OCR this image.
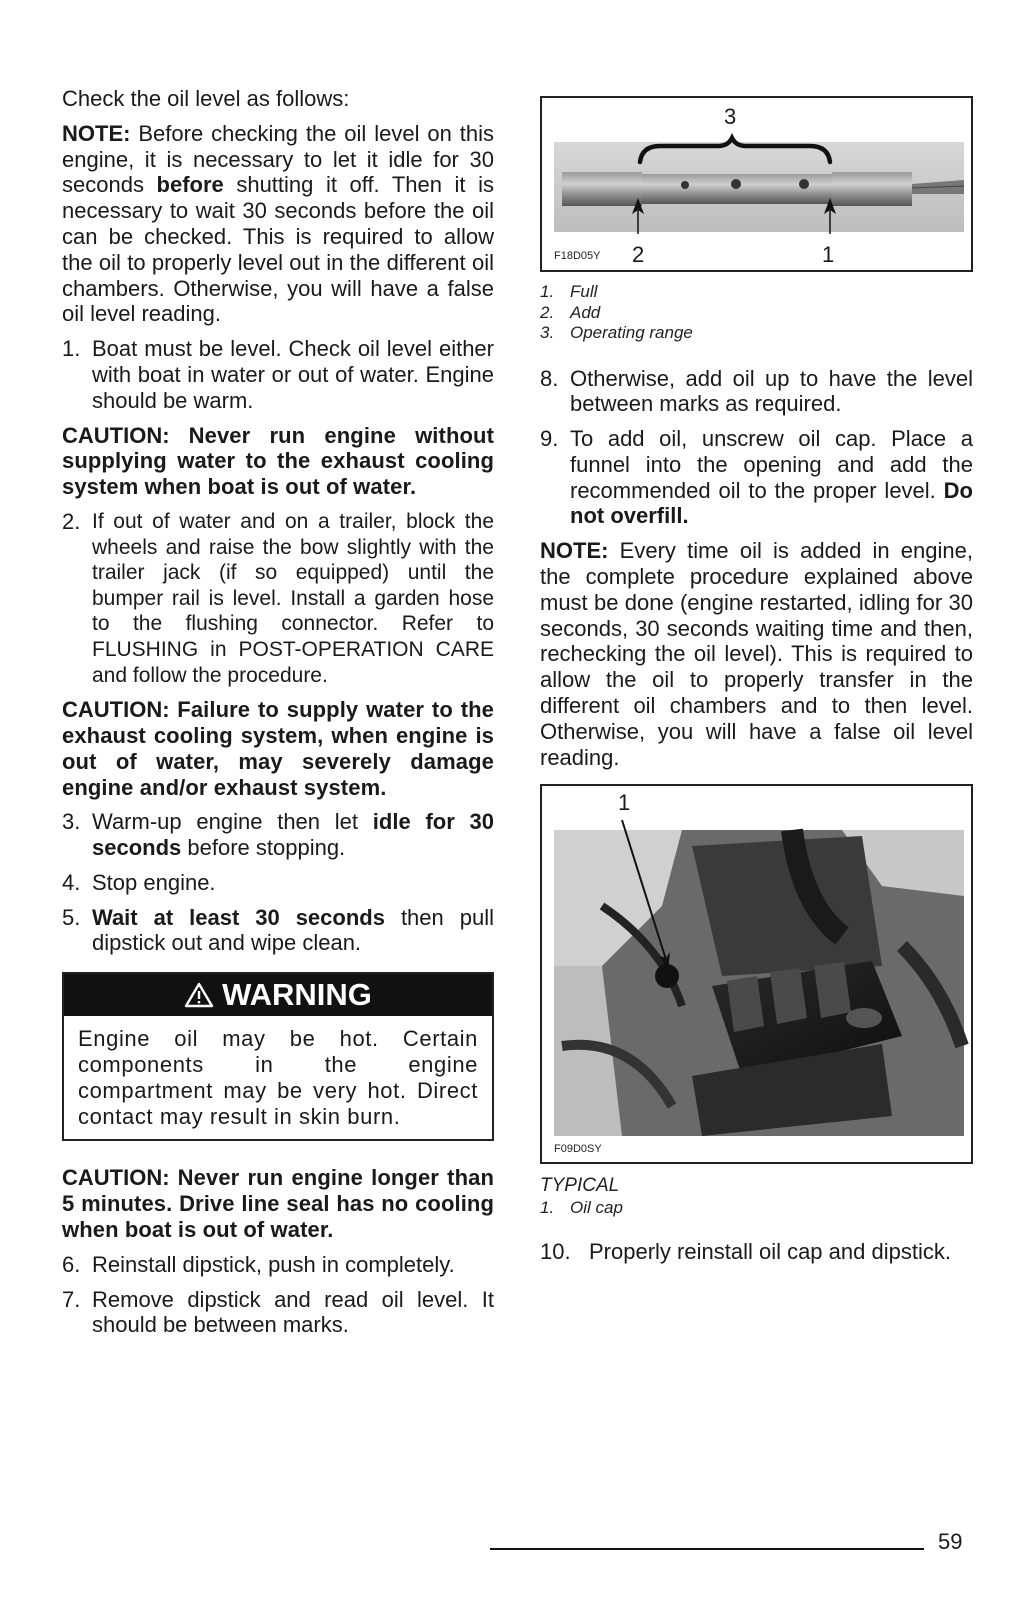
Check the oil level as follows:

NOTE: Before checking the oil level on this engine, it is necessary to let it idle for 30 seconds before shutting it off. Then it is necessary to wait 30 seconds before the oil can be checked. This is required to allow the oil to properly level out in the different oil chambers. Otherwise, you will have a false oil level reading.

1. Boat must be level. Check oil level either with boat in water or out of water. Engine should be warm.
CAUTION: Never run engine without supplying water to the exhaust cooling system when boat is out of water.
2. If out of water and on a trailer, block the wheels and raise the bow slightly with the trailer jack (if so equipped) until the bumper rail is level. Install a garden hose to the flushing connector. Refer to FLUSHING in POST-OPERATION CARE and follow the procedure.
CAUTION: Failure to supply water to the exhaust cooling system, when engine is out of water, may severely damage engine and/or exhaust system.
3. Warm-up engine then let idle for 30 seconds before stopping.
4. Stop engine.
5. Wait at least 30 seconds then pull dipstick out and wipe clean.
WARNING
Engine oil may be hot. Certain components in the engine compartment may be very hot. Direct contact may result in skin burn.
CAUTION: Never run engine longer than 5 minutes. Drive line seal has no cooling when boat is out of water.
6. Reinstall dipstick, push in completely.
7. Remove dipstick and read oil level. It should be between marks.
F18D05Y
3
2	1
1. Full
2. Add
3. Operating range
8. Otherwise, add oil up to have the level between marks as required.
9. To add oil, unscrew oil cap. Place a funnel into the opening and add the recommended oil to the proper level. Do not overfill.

NOTE: Every time oil is added in engine, the complete procedure explained above must be done (engine restarted, idling for 30 seconds, 30 seconds waiting time and then, rechecking the oil level). This is required to allow the oil to properly transfer in the different oil chambers and to then level. Otherwise, you will have a false oil level reading.

1
F09D0SY
TYPICAL
1. Oil cap
10. Properly reinstall oil cap and dipstick.
59
